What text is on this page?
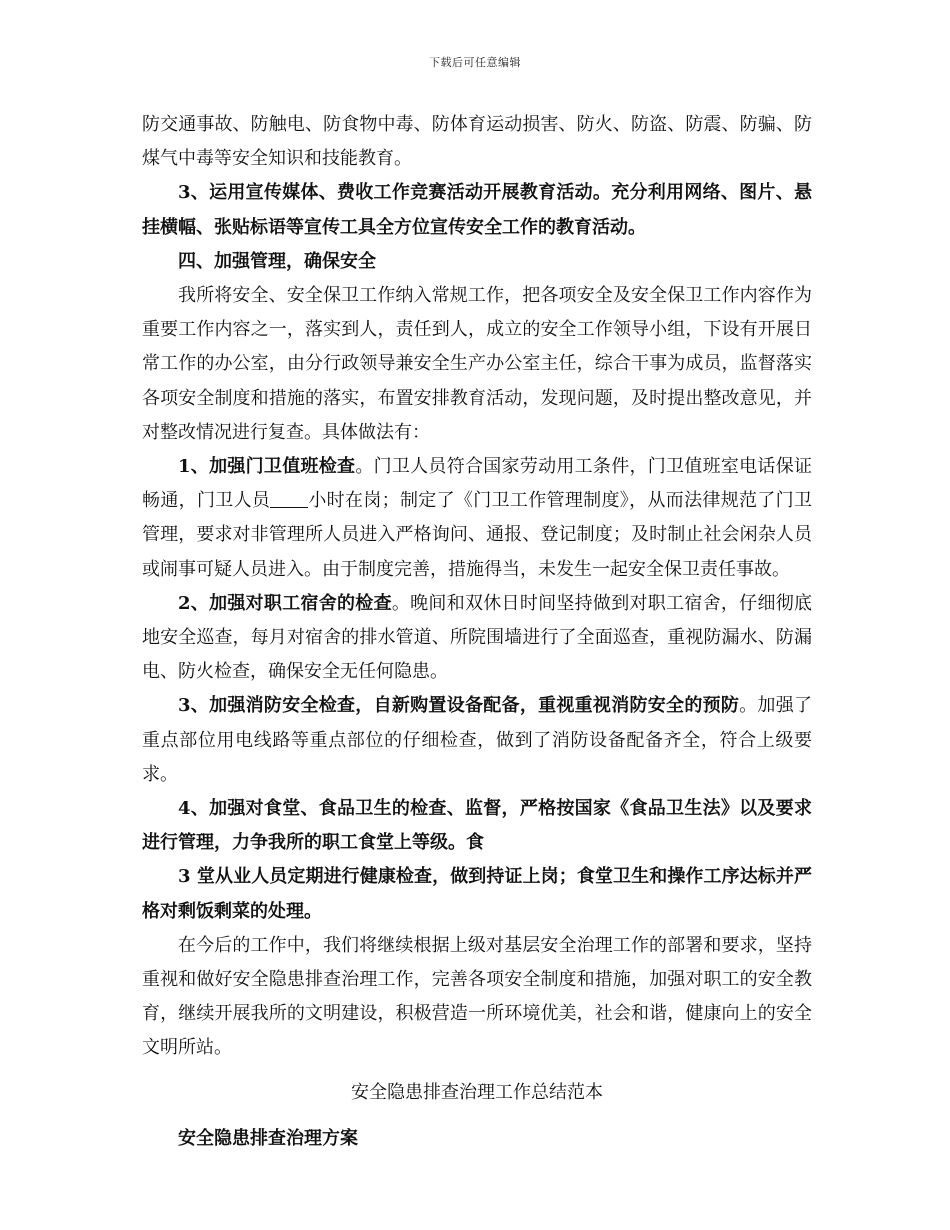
下载后可任意编辑

防交通事故、防触电、防食物中毒、防体育运动损害、防火、防盗、防震、防骗、防煤气中毒等安全知识和技能教育。

3、运用宣传媒体、费收工作竞赛活动开展教育活动。充分利用网络、图片、悬挂横幅、张贴标语等宣传工具全方位宣传安全工作的教育活动。

四、加强管理，确保安全

我所将安全、安全保卫工作纳入常规工作，把各项安全及安全保卫工作内容作为重要工作内容之一，落实到人，责任到人，成立的安全工作领导小组，下设有开展日常工作的办公室，由分行政领导兼安全生产办公室主任，综合干事为成员，监督落实各项安全制度和措施的落实，布置安排教育活动，发现问题，及时提出整改意见，并对整改情况进行复查。具体做法有：

1、加强门卫值班检查。门卫人员符合国家劳动用工条件，门卫值班室电话保证畅通，门卫人员 小时在岗；制定了《门卫工作管理制度》，从而法律规范了门卫管理，要求对非管理所人员进入严格询问、通报、登记制度；及时制止社会闲杂人员或闹事可疑人员进入。由于制度完善，措施得当，未发生一起安全保卫责任事故。

2、加强对职工宿舍的检查。晚间和双休日时间坚持做到对职工宿舍，仔细彻底地安全巡查，每月对宿舍的排水管道、所院围墙进行了全面巡查，重视防漏水、防漏电、防火检查，确保安全无任何隐患。

3、加强消防安全检查，自新购置设备配备，重视重视消防安全的预防。加强了重点部位用电线路等重点部位的仔细检查，做到了消防设备配备齐全，符合上级要求。

4、加强对食堂、食品卫生的检查、监督，严格按国家《食品卫生法》以及要求进行管理，力争我所的职工食堂上等级。食

3 堂从业人员定期进行健康检查，做到持证上岗；食堂卫生和操作工序达标并严格对剩饭剩菜的处理。

在今后的工作中，我们将继续根据上级对基层安全治理工作的部署和要求，坚持重视和做好安全隐患排查治理工作，完善各项安全制度和措施，加强对职工的安全教育，继续开展我所的文明建设，积极营造一所环境优美，社会和谐，健康向上的安全文明所站。

安全隐患排查治理工作总结范本

安全隐患排查治理方案
